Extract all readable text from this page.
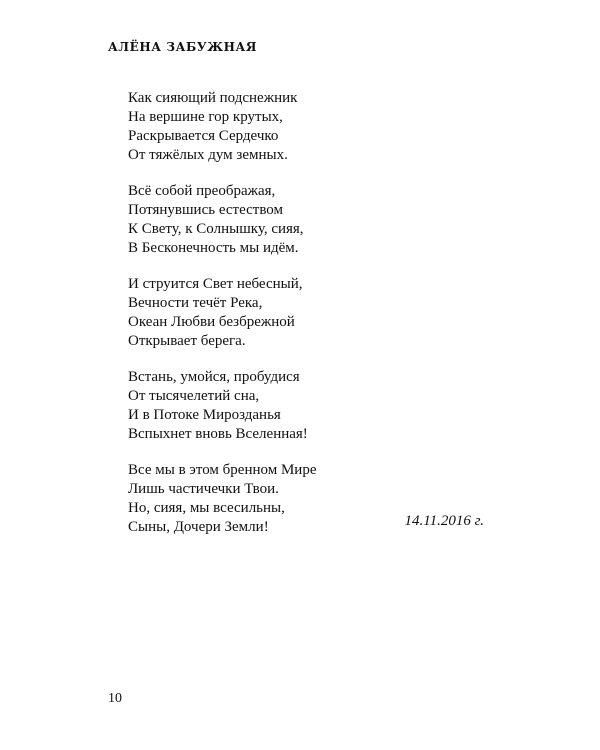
АЛЁНА ЗАБУЖНАЯ

Как сияющий подснежник
На вершине гор крутых,
Раскрывается Сердечко
От тяжёлых дум земных.

Всё собой преображая,
Потянувшись естеством
К Свету, к Солнышку, сияя,
В Бесконечность мы идём.

И струится Свет небесный,
Вечности течёт Река,
Океан Любви безбрежной
Открывает берега.

Встань, умойся, пробудися
От тысячелетий сна,
И в Потоке Мирозданья
Вспыхнет вновь Вселенная!

Все мы в этом бренном Мире
Лишь частичечки Твои.
Но, сияя, мы всесильны,
Сыны, Дочери Земли!	14.11.2016 г.
10
